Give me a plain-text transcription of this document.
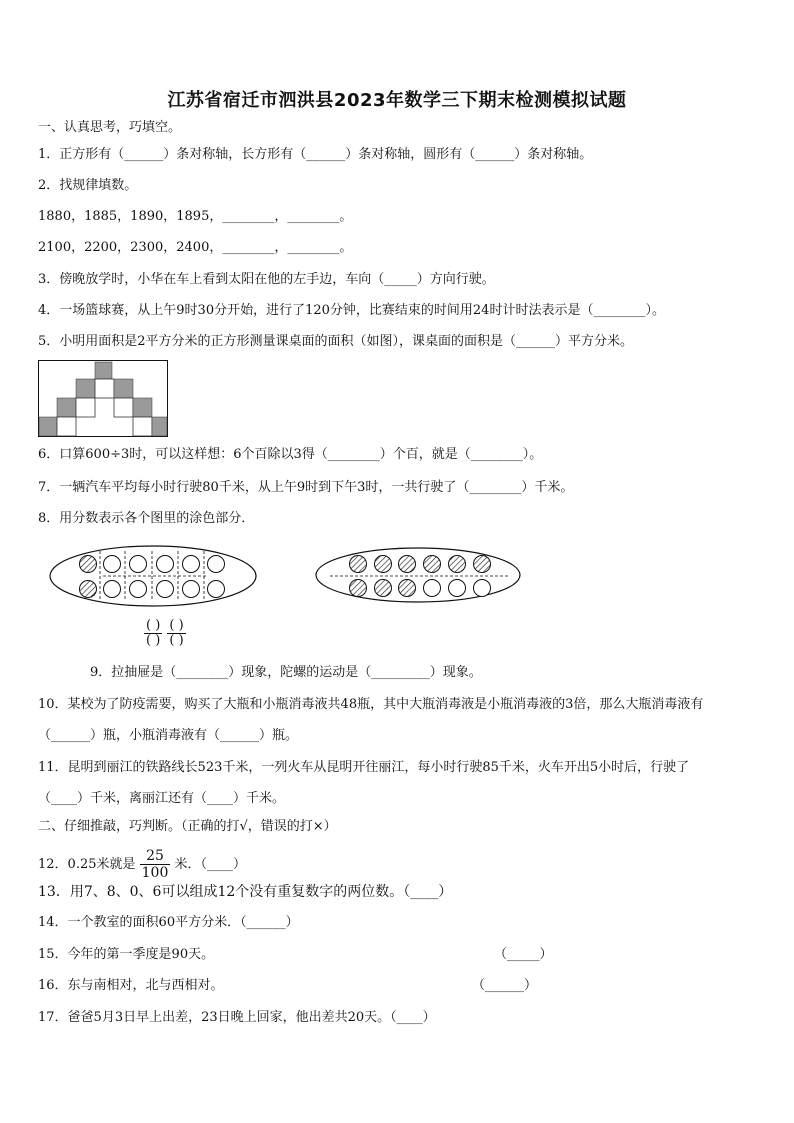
江苏省宿迁市泗洪县2023年数学三下期末检测模拟试题
一、认真思考，巧填空。
1．正方形有（______）条对称轴，长方形有（______）条对称轴，圆形有（______）条对称轴。
2．找规律填数。
1880，1885，1890，1895，________，________。
2100，2200，2300，2400，________，________。
3．傍晚放学时，小华在车上看到太阳在他的左手边，车向（_____）方向行驶。
4．一场篮球赛，从上午9时30分开始，进行了120分钟，比赛结束的时间用24时计时法表示是（________）。
5．小明用面积是2平方分米的正方形测量课桌面的面积（如图），课桌面的面积是（______）平方分米。
6．口算600÷3时，可以这样想：6个百除以3得（________）个百，就是（________）。
7．一辆汽车平均每小时行驶80千米，从上午9时到下午3时，一共行驶了（________）千米。
8．用分数表示各个图里的涂色部分．
$\frac{( )}{( )}$
$\frac{( )}{( )}$
9．拉抽屉是（________）现象，陀螺的运动是（_________）现象。
10．某校为了防疫需要，购买了大瓶和小瓶消毒液共48瓶，其中大瓶消毒液是小瓶消毒液的3倍，那么大瓶消毒液有
（______）瓶，小瓶消毒液有（______）瓶。
11．昆明到丽江的铁路线长523千米，一列火车从昆明开往丽江，每小时行驶85千米，火车开出5小时后，行驶了
（____）千米，离丽江还有（____）千米。
二、仔细推敲，巧判断。（正确的打√，错误的打×）
12．0.25米就是 $\frac{25}{100}$ 米．（____）
13．用7、8、0、6可以组成12个没有重复数字的两位数。（____）
14．一个教室的面积60平方分米．（______）
15．今年的第一季度是90天。	（_____）
16．东与南相对，北与西相对。	（______）
17．爸爸5月3日早上出差，23日晚上回家，他出差共20天。（____）
